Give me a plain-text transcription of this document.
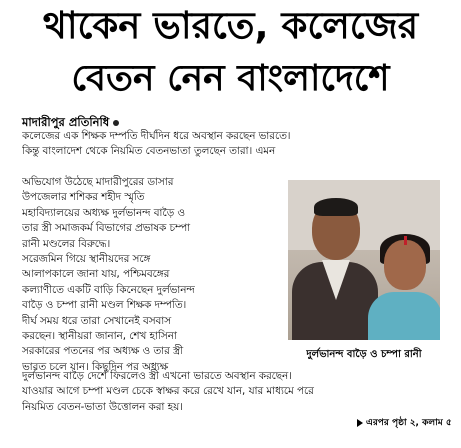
থাকেন ভারতে, কলেজের
বেতন নেন বাংলাদেশে
মাদারীপুর প্রতিনিধি
কলেজের এক শিক্ষক দম্পতি দীর্ঘদিন ধরে অবস্থান করছেন ভারতে।
কিন্তু বাংলাদেশ থেকে নিয়মিত বেতনভাতা তুলছেন তারা। এমন
অভিযোগ উঠেছে মাদারীপুরের ডাসার
উপজেলার শশিকর শহীদ স্মৃতি
মহাবিদ্যালয়ের অধ্যক্ষ দুর্লভানন্দ বাড়ৈ ও
তার স্ত্রী সমাজকর্ম বিভাগের প্রভাষক চম্পা
রানী মণ্ডলের বিরুদ্ধে।
সরেজমিন গিয়ে স্থানীয়দের সঙ্গে
আলাপকালে জানা যায়, পশ্চিমবঙ্গের
কল্যাণীতে একটি বাড়ি কিনেছেন দুর্লভানন্দ
বাড়ৈ ও চম্পা রানী মণ্ডল শিক্ষক দম্পতি।
দীর্ঘ সময় ধরে তারা সেখানেই বসবাস
করছেন। স্থানীয়রা জানান, শেখ হাসিনা
সরকারের পতনের পর অধ্যক্ষ ও তার স্ত্রী
ভারত চলে যান। কিছুদিন পর অধ্যক্ষ
দুর্লভানন্দ বাড়ৈ ও চম্পা রানী
দুর্লভানন্দ বাড়ৈ দেশে ফিরলেও স্ত্রী এখনো ভারতে অবস্থান করছেন।
যাওয়ার আগে চম্পা মণ্ডল চেকে স্বাক্ষর করে রেখে যান, যার মাধ্যমে পরে
নিয়মিত বেতন-ভাতা উত্তোলন করা হয়।
এরপর পৃষ্ঠা ২, কলাম ৫
